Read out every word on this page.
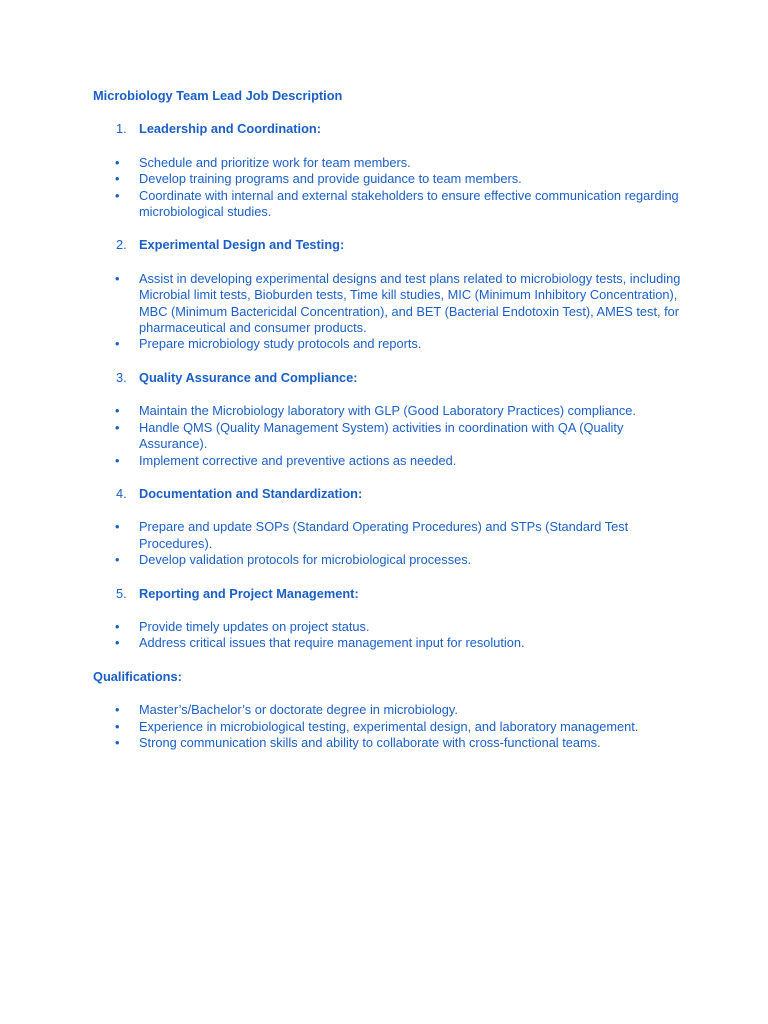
Microbiology Team Lead Job Description
1. Leadership and Coordination:
• Schedule and prioritize work for team members.
• Develop training programs and provide guidance to team members.
• Coordinate with internal and external stakeholders to ensure effective communication regarding microbiological studies.
2. Experimental Design and Testing:
• Assist in developing experimental designs and test plans related to microbiology tests, including Microbial limit tests, Bioburden tests, Time kill studies, MIC (Minimum Inhibitory Concentration), MBC (Minimum Bactericidal Concentration), and BET (Bacterial Endotoxin Test), AMES test, for pharmaceutical and consumer products.
• Prepare microbiology study protocols and reports.
3. Quality Assurance and Compliance:
• Maintain the Microbiology laboratory with GLP (Good Laboratory Practices) compliance.
• Handle QMS (Quality Management System) activities in coordination with QA (Quality Assurance).
• Implement corrective and preventive actions as needed.
4. Documentation and Standardization:
• Prepare and update SOPs (Standard Operating Procedures) and STPs (Standard Test Procedures).
• Develop validation protocols for microbiological processes.
5. Reporting and Project Management:
• Provide timely updates on project status.
• Address critical issues that require management input for resolution.
Qualifications:
• Master’s/Bachelor’s or doctorate degree in microbiology.
• Experience in microbiological testing, experimental design, and laboratory management.
• Strong communication skills and ability to collaborate with cross-functional teams.
